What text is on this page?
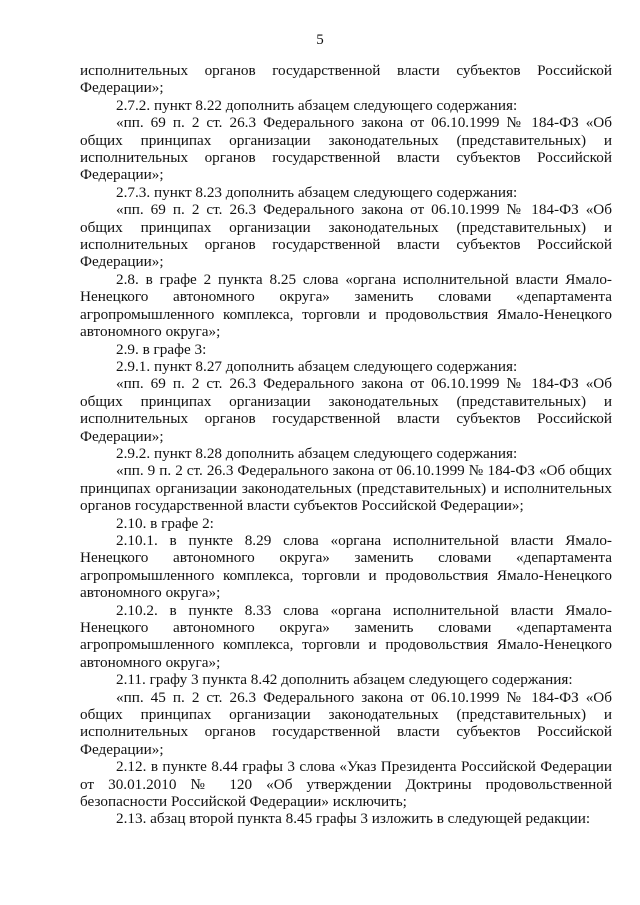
5

исполнительных органов государственной власти субъектов Российской Федерации»;

2.7.2. пункт 8.22 дополнить абзацем следующего содержания:

«пп. 69 п. 2 ст. 26.3 Федерального закона от 06.10.1999 № 184-ФЗ «Об общих принципах организации законодательных (представительных) и исполнительных органов государственной власти субъектов Российской Федерации»;

2.7.3. пункт 8.23 дополнить абзацем следующего содержания:

«пп. 69 п. 2 ст. 26.3 Федерального закона от 06.10.1999 № 184-ФЗ «Об общих принципах организации законодательных (представительных) и исполнительных органов государственной власти субъектов Российской Федерации»;

2.8. в графе 2 пункта 8.25 слова «органа исполнительной власти Ямало-Ненецкого автономного округа» заменить словами «департамента агропромышленного комплекса, торговли и продовольствия Ямало-Ненецкого автономного округа»;

2.9. в графе 3:

2.9.1. пункт 8.27 дополнить абзацем следующего содержания:

«пп. 69 п. 2 ст. 26.3 Федерального закона от 06.10.1999 № 184-ФЗ «Об общих принципах организации законодательных (представительных) и исполнительных органов государственной власти субъектов Российской Федерации»;

2.9.2. пункт 8.28 дополнить абзацем следующего содержания:

«пп. 9 п. 2 ст. 26.3 Федерального закона от 06.10.1999 № 184-ФЗ «Об общих принципах организации законодательных (представительных) и исполнительных органов государственной власти субъектов Российской Федерации»;

2.10. в графе 2:

2.10.1. в пункте 8.29 слова «органа исполнительной власти Ямало-Ненецкого автономного округа» заменить словами «департамента агропромышленного комплекса, торговли и продовольствия Ямало-Ненецкого автономного округа»;

2.10.2. в пункте 8.33 слова «органа исполнительной власти Ямало-Ненецкого автономного округа» заменить словами «департамента агропромышленного комплекса, торговли и продовольствия Ямало-Ненецкого автономного округа»;

2.11. графу 3 пункта 8.42 дополнить абзацем следующего содержания:

«пп. 45 п. 2 ст. 26.3 Федерального закона от 06.10.1999 № 184-ФЗ «Об общих принципах организации законодательных (представительных) и исполнительных органов государственной власти субъектов Российской Федерации»;

2.12. в пункте 8.44 графы 3 слова «Указ Президента Российской Федерации от 30.01.2010 № 120 «Об утверждении Доктрины продовольственной безопасности Российской Федерации» исключить;

2.13. абзац второй пункта 8.45 графы 3 изложить в следующей редакции:
